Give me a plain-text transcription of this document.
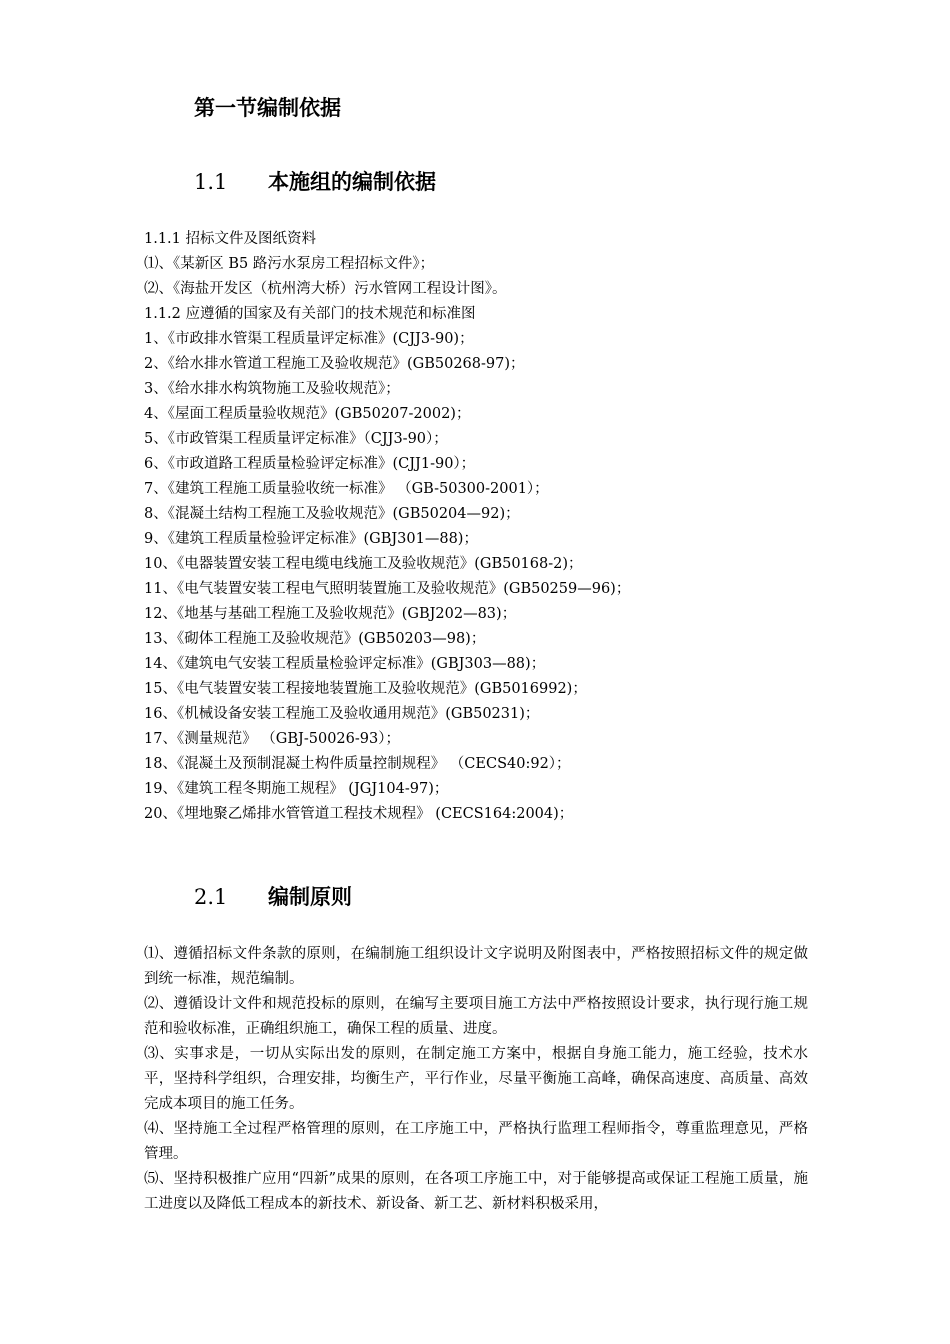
第一节编制依据
1.1 本施组的编制依据
1.1.1 招标文件及图纸资料
⑴、《某新区 B5 路污水泵房工程招标文件》；
⑵、《海盐开发区（杭州湾大桥）污水管网工程设计图》。
1.1.2 应遵循的国家及有关部门的技术规范和标准图
1、《市政排水管渠工程质量评定标准》(CJJ3-90)；
2、《给水排水管道工程施工及验收规范》(GB50268-97)；
3、《给水排水构筑物施工及验收规范》；
4、《屋面工程质量验收规范》(GB50207-2002)；
5、《市政管渠工程质量评定标准》（CJJ3-90）；
6、《市政道路工程质量检验评定标准》(CJJ1-90）；
7、《建筑工程施工质量验收统一标准》 （GB-50300-2001）；
8、《混凝土结构工程施工及验收规范》(GB50204—92)；
9、《建筑工程质量检验评定标准》(GBJ301—88)；
10、《电器装置安装工程电缆电线施工及验收规范》(GB50168-2)；
11、《电气装置安装工程电气照明装置施工及验收规范》(GB50259—96)；
12、《地基与基础工程施工及验收规范》(GBJ202—83)；
13、《砌体工程施工及验收规范》(GB50203—98)；
14、《建筑电气安装工程质量检验评定标准》(GBJ303—88)；
15、《电气装置安装工程接地装置施工及验收规范》(GB5016992)；
16、《机械设备安装工程施工及验收通用规范》(GB50231)；
17、《测量规范》 （GBJ-50026-93）；
18、《混凝土及预制混凝土构件质量控制规程》 （CECS40:92）；
19、《建筑工程冬期施工规程》 (JGJ104-97)；
20、《埋地聚乙烯排水管管道工程技术规程》 (CECS164:2004)；
2.1 编制原则
⑴、遵循招标文件条款的原则，在编制施工组织设计文字说明及附图表中，严格按照招标文件的规定做到统一标准，规范编制。
⑵、遵循设计文件和规范投标的原则，在编写主要项目施工方法中严格按照设计要求，执行现行施工规范和验收标准，正确组织施工，确保工程的质量、进度。
⑶、实事求是，一切从实际出发的原则，在制定施工方案中，根据自身施工能力，施工经验，技术水平，坚持科学组织，合理安排，均衡生产，平行作业，尽量平衡施工高峰，确保高速度、高质量、高效完成本项目的施工任务。
⑷、坚持施工全过程严格管理的原则，在工序施工中，严格执行监理工程师指令，尊重监理意见，严格管理。
⑸、坚持积极推广应用“四新”成果的原则，在各项工序施工中，对于能够提高或保证工程施工质量，施工进度以及降低工程成本的新技术、新设备、新工艺、新材料积极采用，
